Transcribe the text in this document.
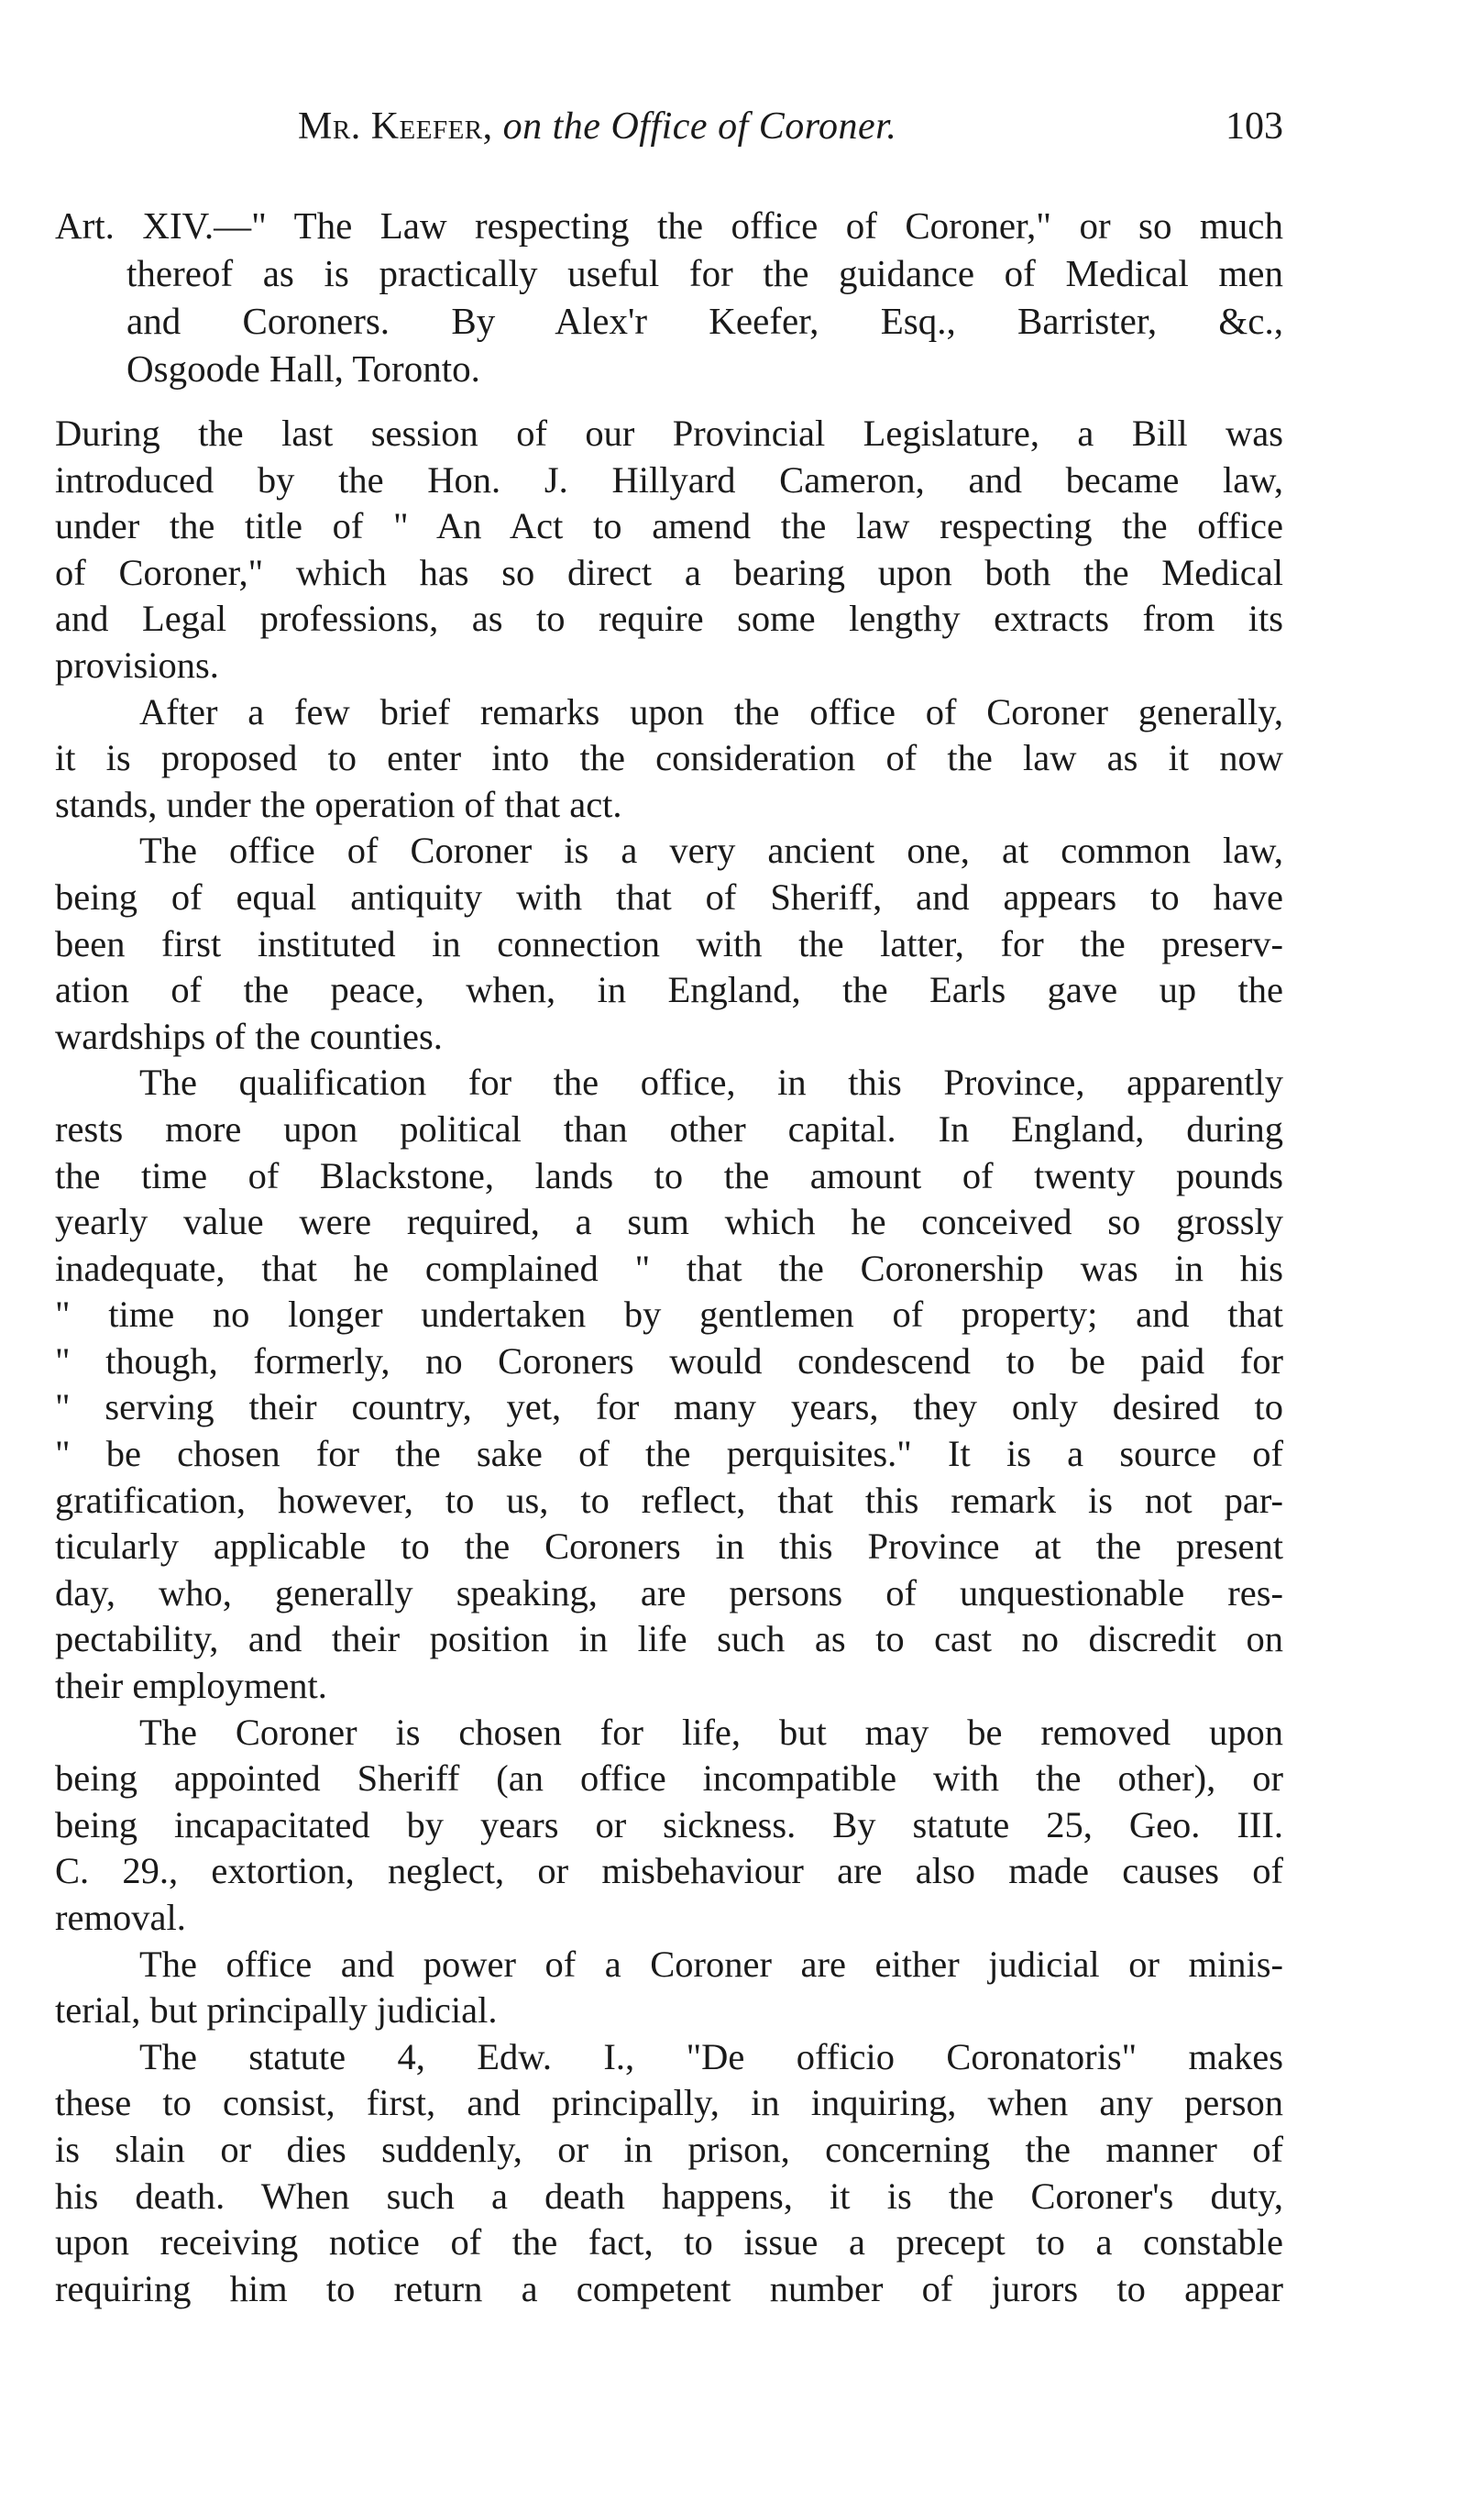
Mr. Keefer, on the Office of Coroner.	103
Art. XIV.—" The Law respecting the office of Coroner," or so much
thereof as is practically useful for the guidance of Medical men
and Coroners. By Alex'r Keefer, Esq., Barrister, &c.,
Osgoode Hall, Toronto.
During the last session of our Provincial Legislature, a Bill was
introduced by the Hon. J. Hillyard Cameron, and became law,
under the title of " An Act to amend the law respecting the office
of Coroner," which has so direct a bearing upon both the Medical
and Legal professions, as to require some lengthy extracts from its
provisions.
After a few brief remarks upon the office of Coroner generally,
it is proposed to enter into the consideration of the law as it now
stands, under the operation of that act.
The office of Coroner is a very ancient one, at common law,
being of equal antiquity with that of Sheriff, and appears to have
been first instituted in connection with the latter, for the preserv-
ation of the peace, when, in England, the Earls gave up the
wardships of the counties.
The qualification for the office, in this Province, apparently
rests more upon political than other capital. In England, during
the time of Blackstone, lands to the amount of twenty pounds
yearly value were required, a sum which he conceived so grossly
inadequate, that he complained " that the Coronership was in his
" time no longer undertaken by gentlemen of property; and that
" though, formerly, no Coroners would condescend to be paid for
" serving their country, yet, for many years, they only desired to
" be chosen for the sake of the perquisites." It is a source of
gratification, however, to us, to reflect, that this remark is not par-
ticularly applicable to the Coroners in this Province at the present
day, who, generally speaking, are persons of unquestionable res-
pectability, and their position in life such as to cast no discredit on
their employment.
The Coroner is chosen for life, but may be removed upon
being appointed Sheriff (an office incompatible with the other), or
being incapacitated by years or sickness. By statute 25, Geo. III.
C. 29., extortion, neglect, or misbehaviour are also made causes of
removal.
The office and power of a Coroner are either judicial or minis-
terial, but principally judicial.
The statute 4, Edw. I., "De officio Coronatoris" makes
these to consist, first, and principally, in inquiring, when any person
is slain or dies suddenly, or in prison, concerning the manner of
his death. When such a death happens, it is the Coroner's duty,
upon receiving notice of the fact, to issue a precept to a constable
requiring him to return a competent number of jurors to appear
